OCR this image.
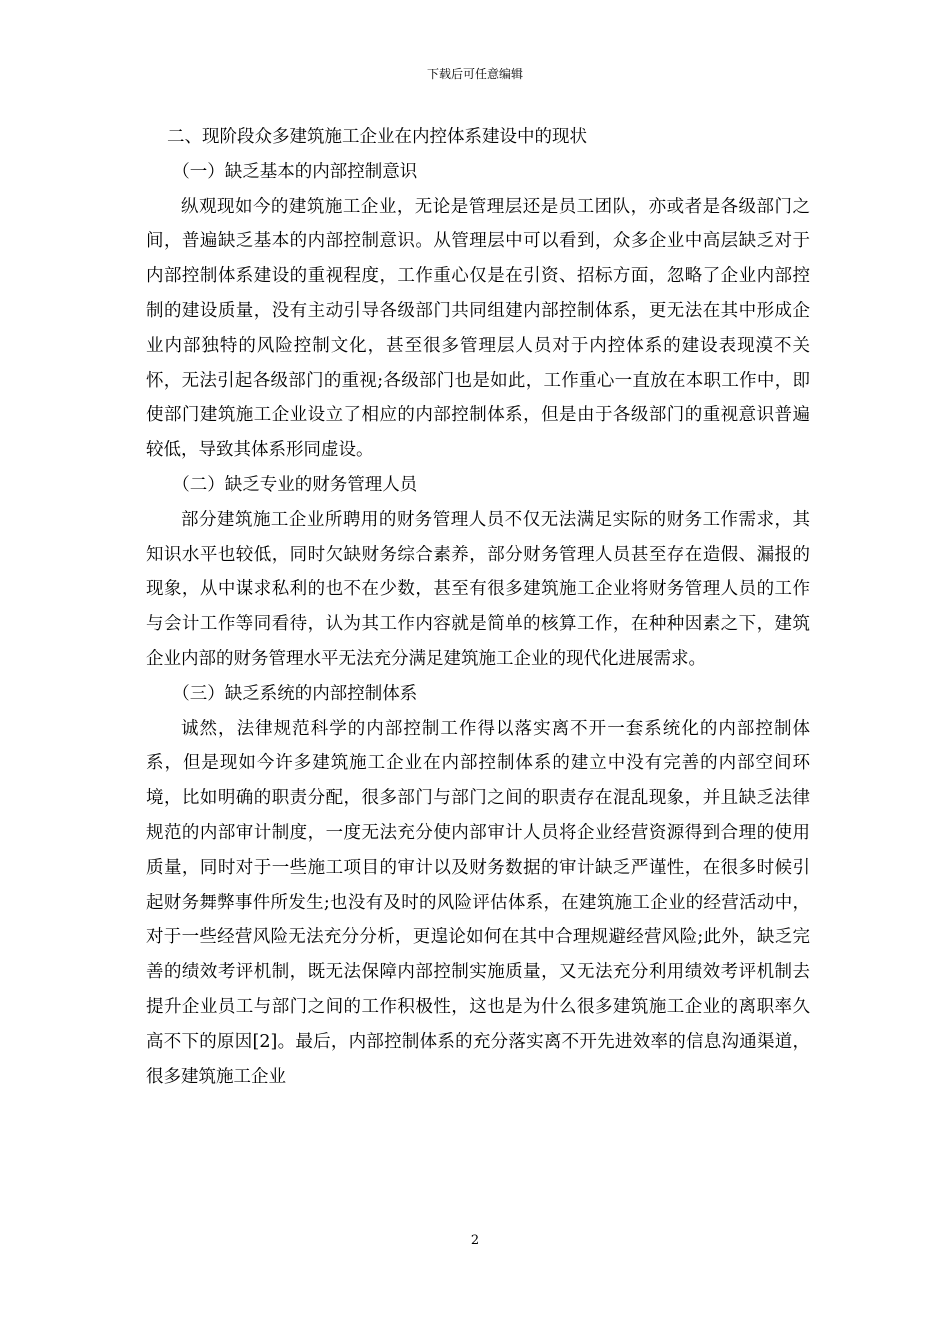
下载后可任意编辑

二、现阶段众多建筑施工企业在内控体系建设中的现状

（一）缺乏基本的内部控制意识

纵观现如今的建筑施工企业，无论是管理层还是员工团队，亦或者是各级部门之间，普遍缺乏基本的内部控制意识。从管理层中可以看到，众多企业中高层缺乏对于内部控制体系建设的重视程度，工作重心仅是在引资、招标方面，忽略了企业内部控制的建设质量，没有主动引导各级部门共同组建内部控制体系，更无法在其中形成企业内部独特的风险控制文化，甚至很多管理层人员对于内控体系的建设表现漠不关怀，无法引起各级部门的重视;各级部门也是如此，工作重心一直放在本职工作中，即使部门建筑施工企业设立了相应的内部控制体系，但是由于各级部门的重视意识普遍较低，导致其体系形同虚设。

（二）缺乏专业的财务管理人员

部分建筑施工企业所聘用的财务管理人员不仅无法满足实际的财务工作需求，其知识水平也较低，同时欠缺财务综合素养，部分财务管理人员甚至存在造假、漏报的现象，从中谋求私利的也不在少数，甚至有很多建筑施工企业将财务管理人员的工作与会计工作等同看待，认为其工作内容就是简单的核算工作，在种种因素之下，建筑企业内部的财务管理水平无法充分满足建筑施工企业的现代化进展需求。

（三）缺乏系统的内部控制体系

诚然，法律规范科学的内部控制工作得以落实离不开一套系统化的内部控制体系，但是现如今许多建筑施工企业在内部控制体系的建立中没有完善的内部空间环境，比如明确的职责分配，很多部门与部门之间的职责存在混乱现象，并且缺乏法律规范的内部审计制度，一度无法充分使内部审计人员将企业经营资源得到合理的使用质量，同时对于一些施工项目的审计以及财务数据的审计缺乏严谨性，在很多时候引起财务舞弊事件所发生;也没有及时的风险评估体系，在建筑施工企业的经营活动中，对于一些经营风险无法充分分析，更遑论如何在其中合理规避经营风险;此外，缺乏完善的绩效考评机制，既无法保障内部控制实施质量，又无法充分利用绩效考评机制去提升企业员工与部门之间的工作积极性，这也是为什么很多建筑施工企业的离职率久高不下的原因[2]。最后，内部控制体系的充分落实离不开先进效率的信息沟通渠道，很多建筑施工企业

2
